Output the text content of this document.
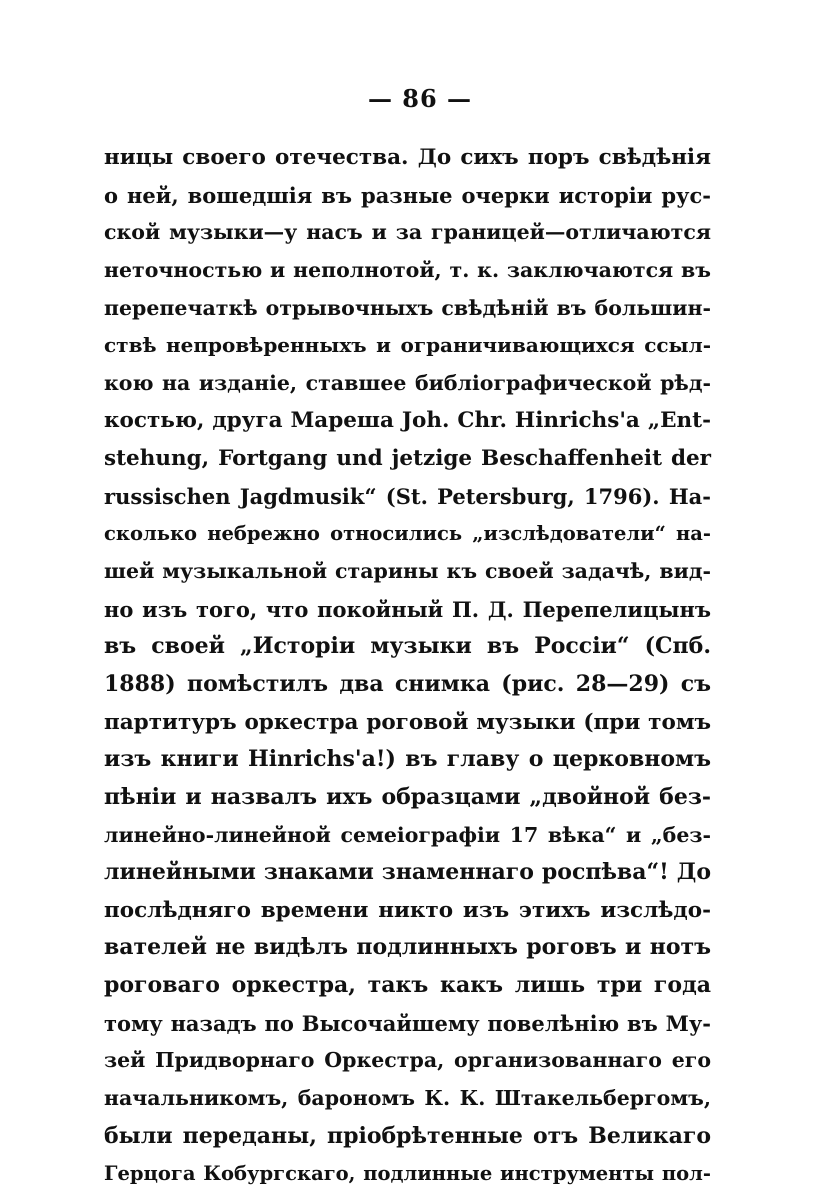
— 86 —
ницы своего отечества. До сихъ поръ свѣдѣнія
о ней, вошедшія въ разные очерки исторіи рус-
ской музыки—у насъ и за границей—отличаются
неточностью и неполнотой, т. к. заключаются въ
перепечаткѣ отрывочныхъ свѣдѣній въ большин-
ствѣ непровѣренныхъ и ограничивающихся ссыл-
кою на изданіе, ставшее библіографической рѣд-
костью, друга Мареша Joh. Chr. Hinrichs'a „Ent-
stehung, Fortgang und jetzige Beschaffenheit der
russischen Jagdmusik“ (St. Petersburg, 1796). На-
сколько небрежно относились „изслѣдователи“ на-
шей музыкальной старины къ своей задачѣ, вид-
но изъ того, что покойный П. Д. Перепелицынъ
въ своей „Исторіи музыки въ Россіи“ (Спб.
1888) помѣстилъ два снимка (рис. 28—29) съ
партитуръ оркестра роговой музыки (при томъ
изъ книги Hinrichs'a!) въ главу о церковномъ
пѣніи и назвалъ ихъ образцами „двойной без-
линейно-линейной семеіографіи 17 вѣка“ и „без-
линейными знаками знаменнаго роспѣва“! До
послѣдняго времени никто изъ этихъ изслѣдо-
вателей не видѣлъ подлинныхъ роговъ и нотъ
роговаго оркестра, такъ какъ лишь три года
тому назадъ по Высочайшему повелѣнію въ Му-
зей Придворнаго Оркестра, организованнаго его
начальникомъ, барономъ К. К. Штакельбергомъ,
были переданы, пріобрѣтенные отъ Великаго
Герцога Кобургскаго, подлинные инструменты пол-
